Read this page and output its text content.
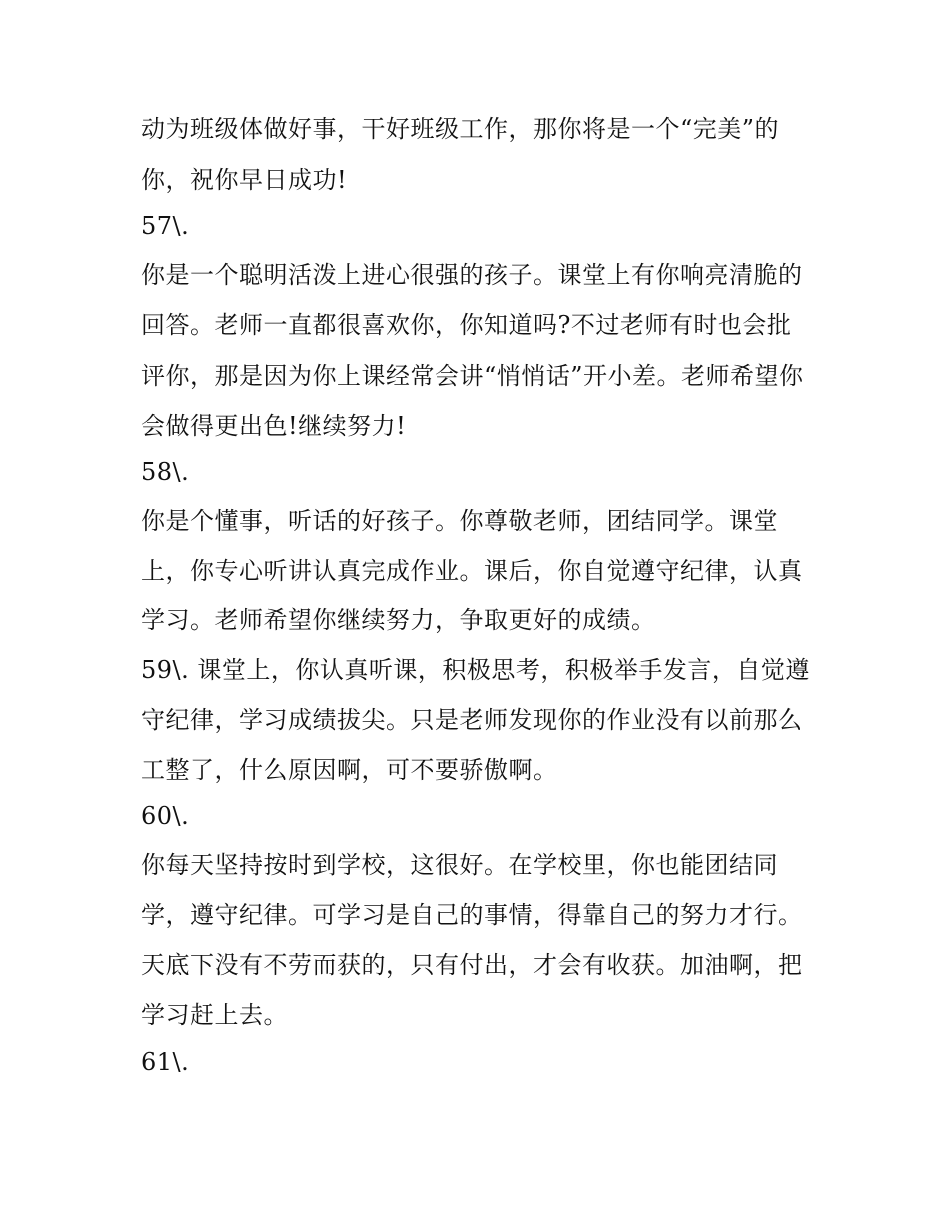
动为班级体做好事，干好班级工作，那你将是一个“完美”的
你，祝你早日成功!
57\.
你是一个聪明活泼上进心很强的孩子。课堂上有你响亮清脆的
回答。老师一直都很喜欢你，你知道吗?不过老师有时也会批
评你，那是因为你上课经常会讲“悄悄话”开小差。老师希望你
会做得更出色!继续努力!
58\.
你是个懂事，听话的好孩子。你尊敬老师，团结同学。课堂
上，你专心听讲认真完成作业。课后，你自觉遵守纪律，认真
学习。老师希望你继续努力，争取更好的成绩。
59\. 课堂上，你认真听课，积极思考，积极举手发言，自觉遵
守纪律，学习成绩拔尖。只是老师发现你的作业没有以前那么
工整了，什么原因啊，可不要骄傲啊。
60\.
你每天坚持按时到学校，这很好。在学校里，你也能团结同
学，遵守纪律。可学习是自己的事情，得靠自己的努力才行。
天底下没有不劳而获的，只有付出，才会有收获。加油啊，把
学习赶上去。
61\.
